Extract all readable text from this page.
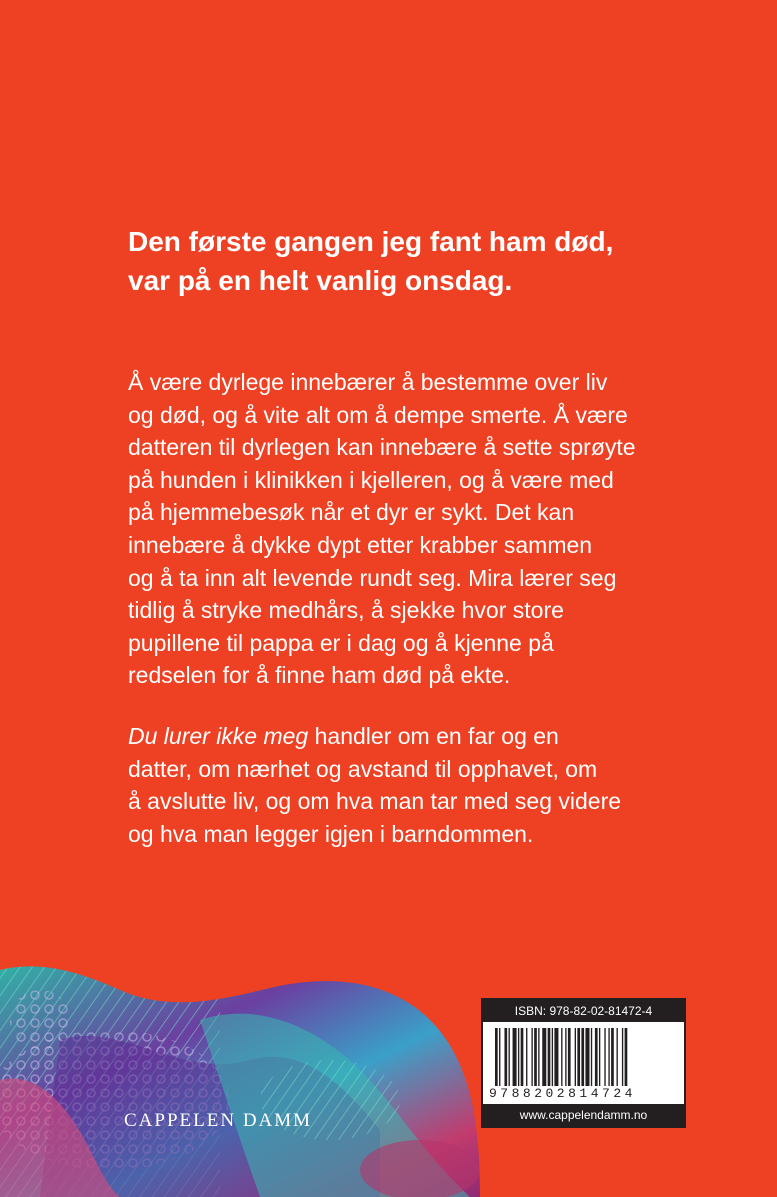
Den første gangen jeg fant ham død,
var på en helt vanlig onsdag.

Å være dyrlege innebærer å bestemme over liv
og død, og å vite alt om å dempe smerte. Å være
datteren til dyrlegen kan innebære å sette sprøyte
på hunden i klinikken i kjelleren, og å være med
på hjemmebesøk når et dyr er sykt. Det kan
innebære å dykke dypt etter krabber sammen
og å ta inn alt levende rundt seg. Mira lærer seg
tidlig å stryke medhårs, å sjekke hvor store
pupillene til pappa er i dag og å kjenne på
redselen for å finne ham død på ekte.

Du lurer ikke meg handler om en far og en
datter, om nærhet og avstand til opphavet, om
å avslutte liv, og om hva man tar med seg videre
og hva man legger igjen i barndommen.

CAPPELEN DAMM
ISBN: 978-82-02-81472-4
9788202814724
www.cappelendamm.no
